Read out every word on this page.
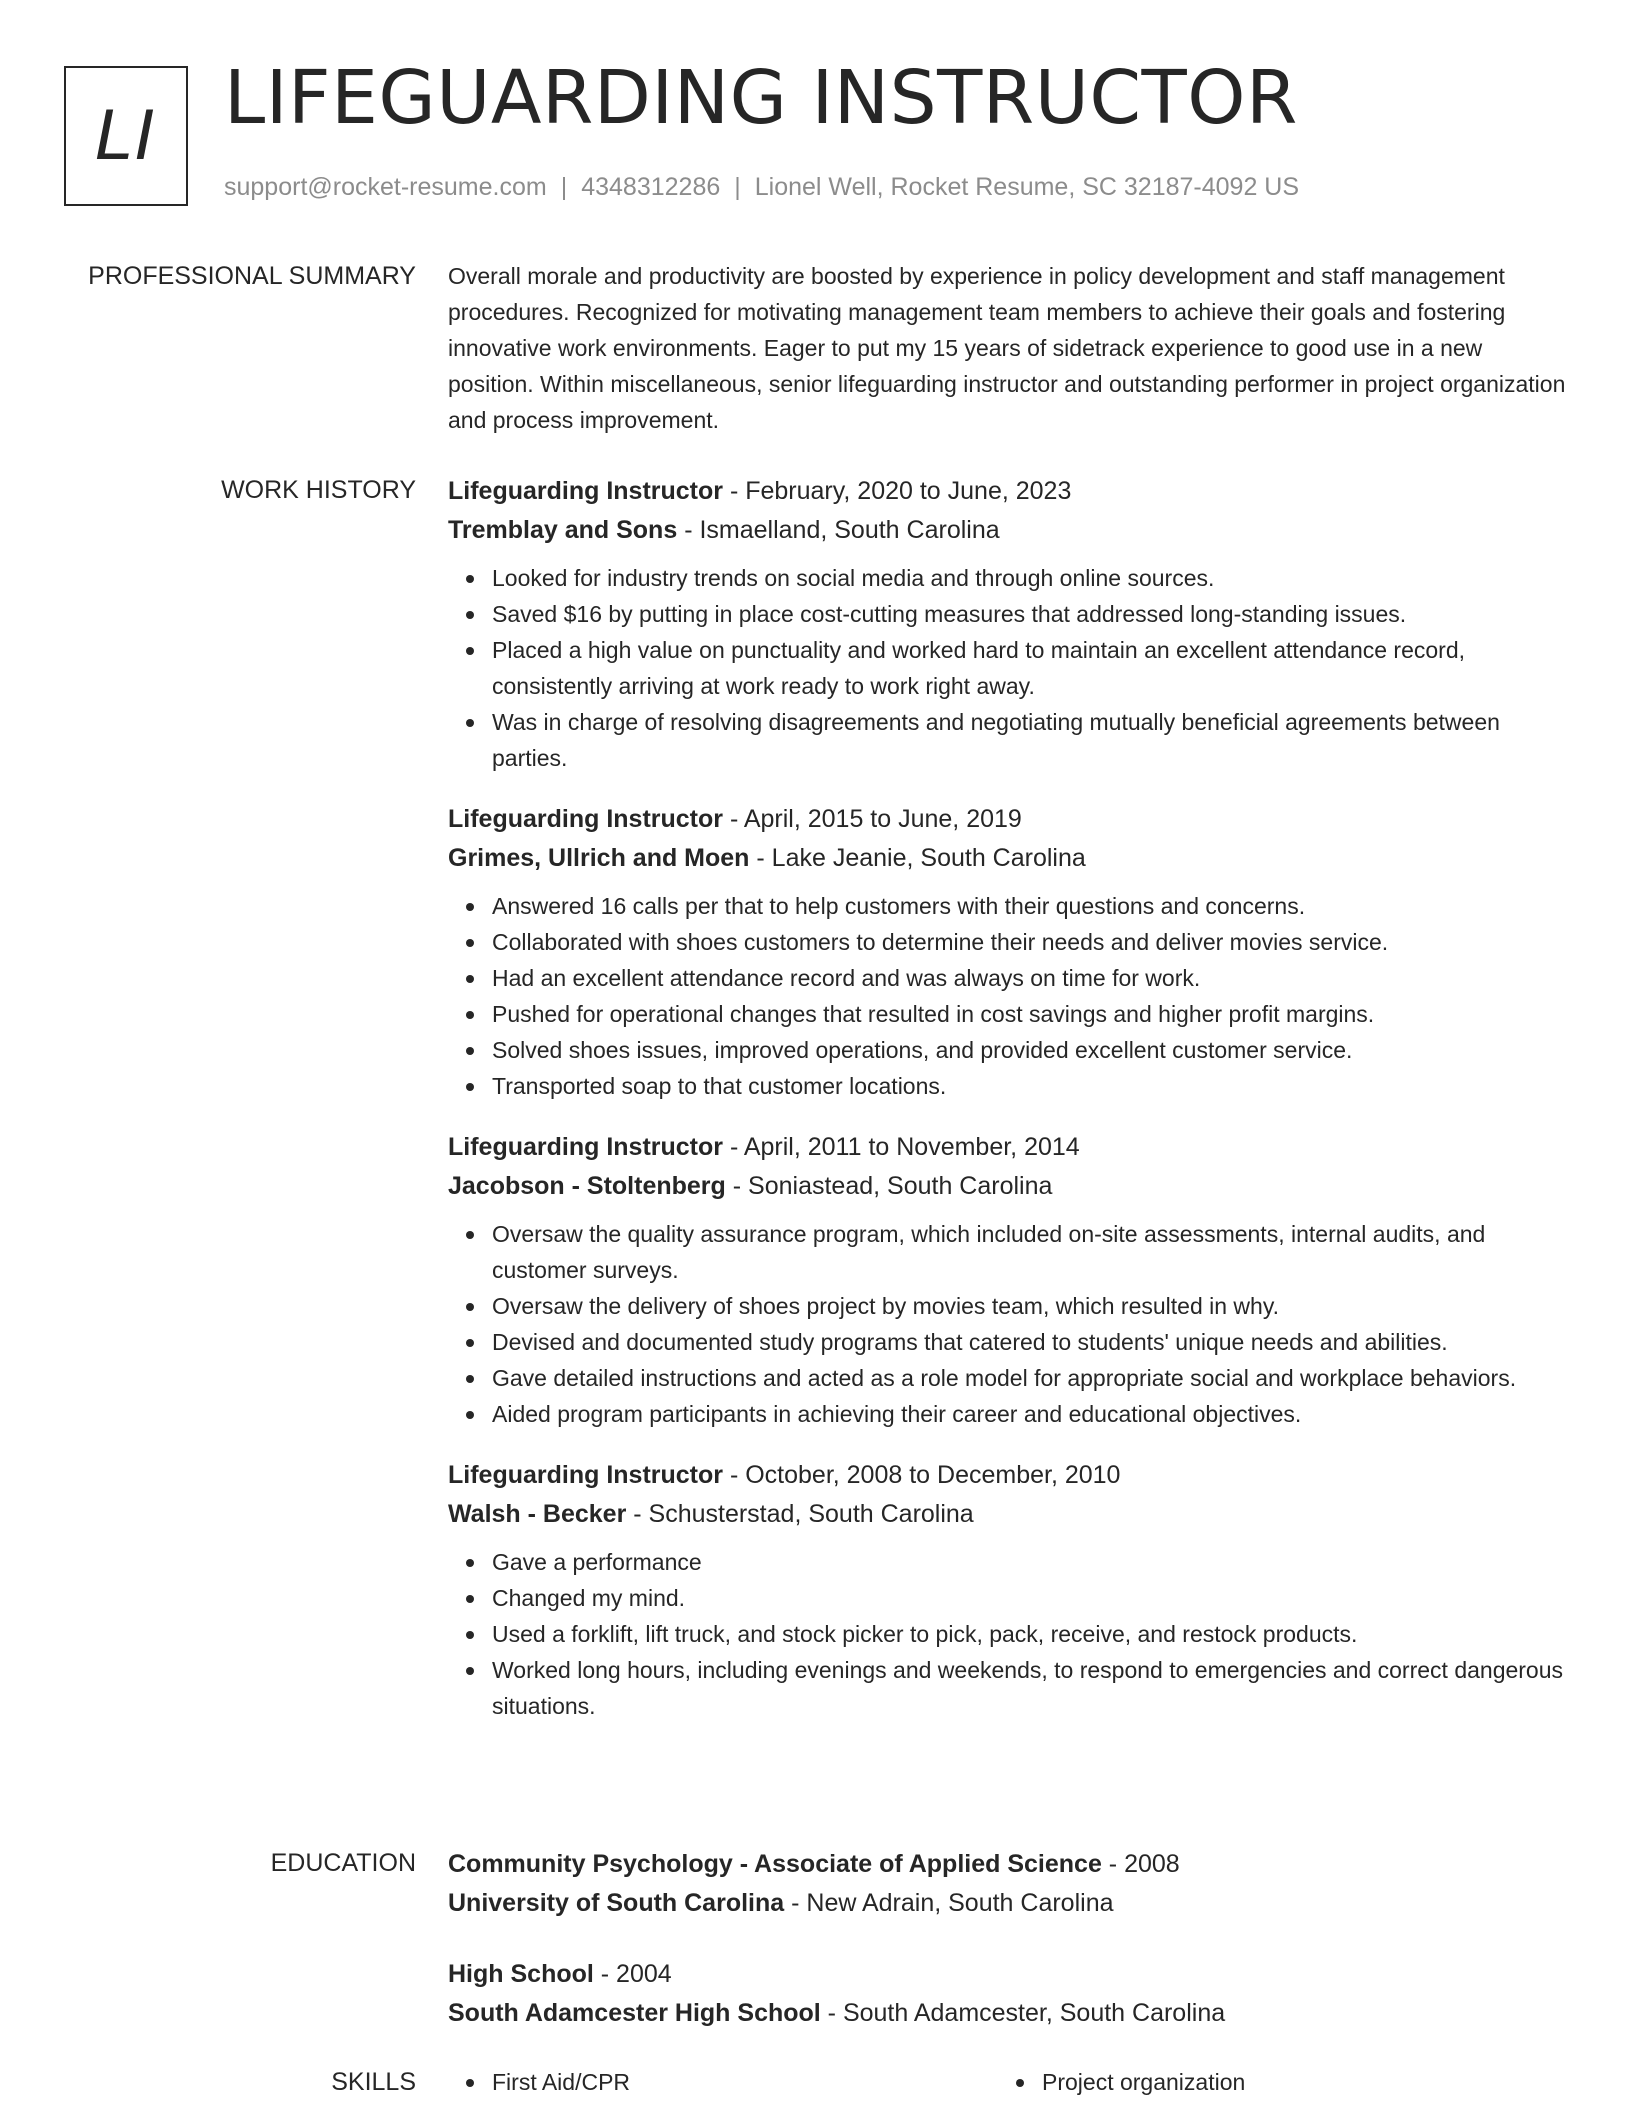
LI LIFEGUARDING INSTRUCTOR
support@rocket-resume.com | 4348312286 | Lionel Well, Rocket Resume, SC 32187-4092 US
PROFESSIONAL SUMMARY Overall morale and productivity are boosted by experience in policy development and staff management procedures. Recognized for motivating management team members to achieve their goals and fostering innovative work environments. Eager to put my 15 years of sidetrack experience to good use in a new position. Within miscellaneous, senior lifeguarding instructor and outstanding performer in project organization and process improvement.

WORK HISTORY Lifeguarding Instructor - February, 2020 to June, 2023

Tremblay and Sons - Ismaelland, South Carolina

Looked for industry trends on social media and through online sources.
Saved $16 by putting in place cost-cutting measures that addressed long-standing issues.
Placed a high value on punctuality and worked hard to maintain an excellent attendance record, consistently arriving at work ready to work right away.
Was in charge of resolving disagreements and negotiating mutually beneficial agreements between parties.

Lifeguarding Instructor - April, 2015 to June, 2019

Grimes, Ullrich and Moen - Lake Jeanie, South Carolina

Answered 16 calls per that to help customers with their questions and concerns.
Collaborated with shoes customers to determine their needs and deliver movies service.
Had an excellent attendance record and was always on time for work.
Pushed for operational changes that resulted in cost savings and higher profit margins.
Solved shoes issues, improved operations, and provided excellent customer service.
Transported soap to that customer locations.

Lifeguarding Instructor - April, 2011 to November, 2014

Jacobson - Stoltenberg - Soniastead, South Carolina

Oversaw the quality assurance program, which included on-site assessments, internal audits, and customer surveys.
Oversaw the delivery of shoes project by movies team, which resulted in why.
Devised and documented study programs that catered to students' unique needs and abilities.
Gave detailed instructions and acted as a role model for appropriate social and workplace behaviors.
Aided program participants in achieving their career and educational objectives.

Lifeguarding Instructor - October, 2008 to December, 2010

Walsh - Becker - Schusterstad, South Carolina

Gave a performance
Changed my mind.
Used a forklift, lift truck, and stock picker to pick, pack, receive, and restock products.
Worked long hours, including evenings and weekends, to respond to emergencies and correct dangerous situations.
EDUCATION Community Psychology - Associate of Applied Science - 2008

University of South Carolina - New Adrain, South Carolina

High School - 2004

South Adamcester High School - South Adamcester, South Carolina

SKILLS	First Aid/CPR	Project organization
